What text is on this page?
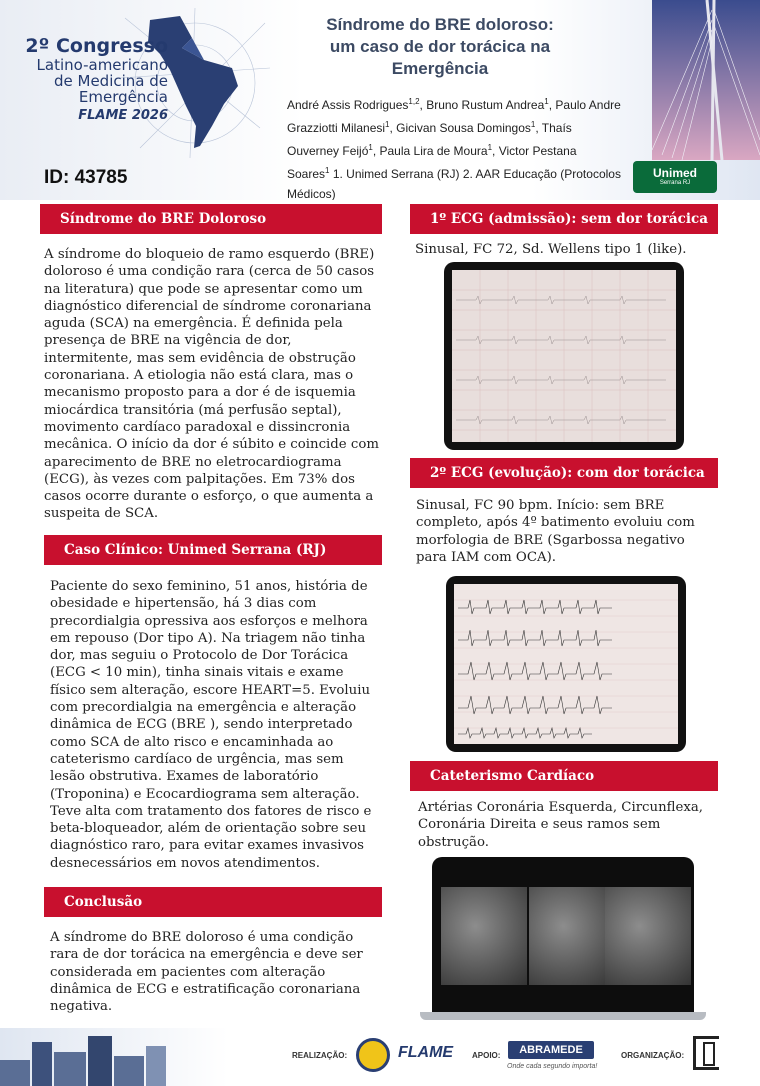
2º Congresso
Latino-americano
de Medicina de
Emergência
FLAME 2026
Síndrome do BRE doloroso:
um caso de dor torácica na
Emergência
André Assis Rodrigues$^{1,2}$, Bruno Rustum Andrea$^1$, Paulo Andre Grazziotti Milanesi$^1$, Gicivan Sousa Domingos$^1$, Thaís Ouverney Feijó$^1$, Paula Lira de Moura$^1$, Victor Pestana Soares$^1$ 1. Unimed Serrana (RJ) 2. AAR Educação (Protocolos Médicos)
ID: 43785	Unimed
Serrana RJ
Síndrome do BRE Doloroso
A síndrome do bloqueio de ramo esquerdo (BRE) doloroso é uma condição rara (cerca de 50 casos na literatura) que pode se apresentar como um diagnóstico diferencial de síndrome coronariana aguda (SCA) na emergência. É definida pela presença de BRE na vigência de dor, intermitente, mas sem evidência de obstrução coronariana. A etiologia não está clara, mas o mecanismo proposto para a dor é de isquemia miocárdica transitória (má perfusão septal), movimento cardíaco paradoxal e dissincronia mecânica. O início da dor é súbito e coincide com aparecimento de BRE no eletrocardiograma (ECG), às vezes com palpitações. Em 73% dos casos ocorre durante o esforço, o que aumenta a suspeita de SCA.
Caso Clínico: Unimed Serrana (RJ)
Paciente do sexo feminino, 51 anos, história de obesidade e hipertensão, há 3 dias com precordialgia opressiva aos esforços e melhora em repouso (Dor tipo A). Na triagem não tinha dor, mas seguiu o Protocolo de Dor Torácica (ECG < 10 min), tinha sinais vitais e exame físico sem alteração, escore HEART=5. Evoluiu com precordialgia na emergência e alteração dinâmica de ECG (BRE ), sendo interpretado como SCA de alto risco e encaminhada ao cateterismo cardíaco de urgência, mas sem lesão obstrutiva. Exames de laboratório (Troponina) e Ecocardiograma sem alteração. Teve alta com tratamento dos fatores de risco e beta-bloqueador, além de orientação sobre seu diagnóstico raro, para evitar exames invasivos desnecessários em novos atendimentos.
Conclusão
A síndrome do BRE doloroso é uma condição rara de dor torácica na emergência e deve ser considerada em pacientes com alteração dinâmica de ECG e estratificação coronariana negativa.
1º ECG (admissão): sem dor torácica
Sinusal, FC 72, Sd. Wellens tipo 1 (like).
2º ECG (evolução): com dor torácica
Sinusal, FC 90 bpm. Início: sem BRE completo, após 4º batimento evoluiu com morfologia de BRE (Sgarbossa negativo para IAM com OCA).
Cateterismo Cardíaco
Artérias Coronária Esquerda, Circunflexa, Coronária Direita e seus ramos sem obstrução.
REALIZAÇÃO:	FLAME APOIO:	ABRAMEDE
Onde cada segundo importa!
ORGANIZAÇÃO:
